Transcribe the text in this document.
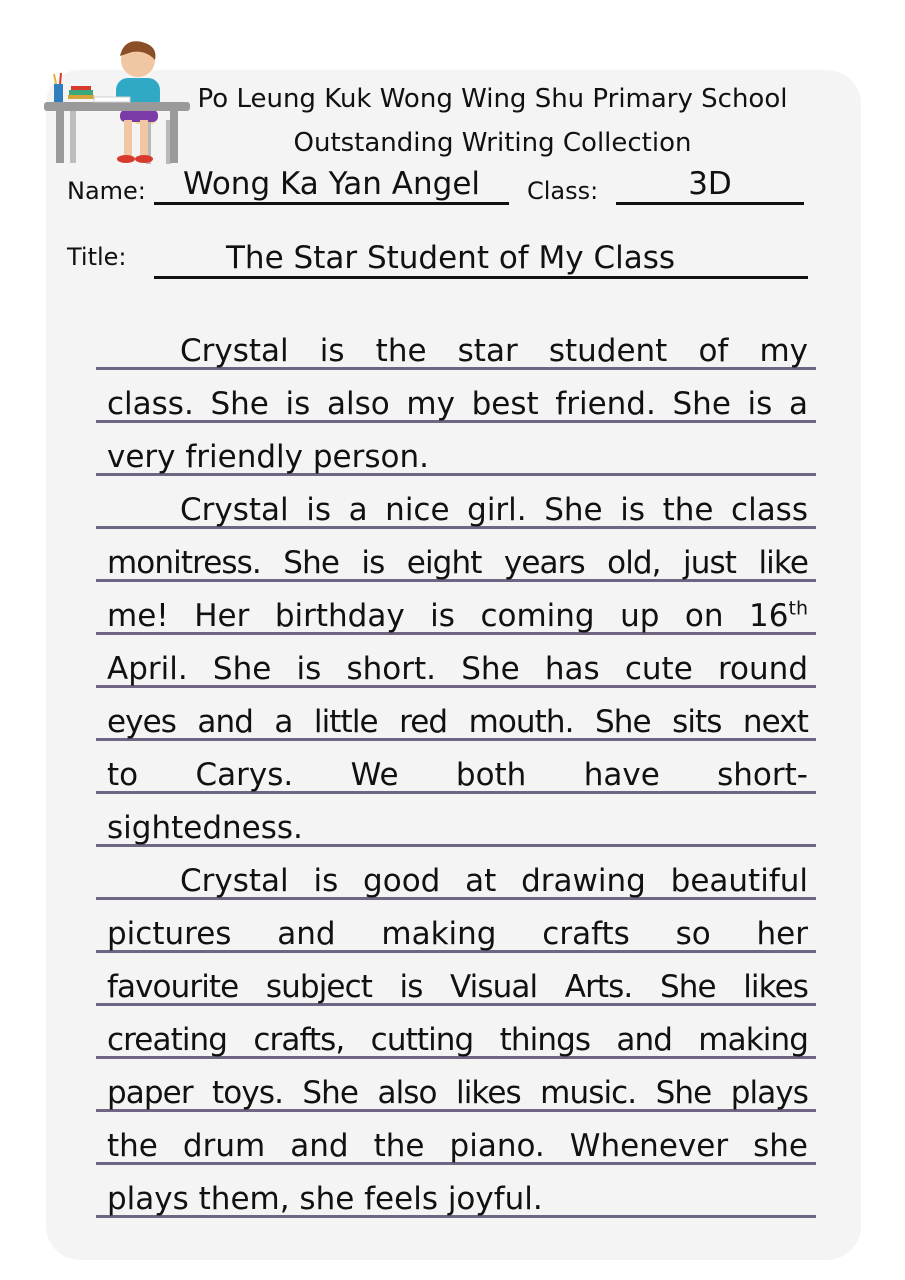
Po Leung Kuk Wong Wing Shu Primary School
Outstanding Writing Collection
Name:	Wong Ka Yan Angel	Class:	3D
Title:	The Star Student of My Class
Crystal is the star student of my
class. She is also my best friend. She is a
very friendly person.
Crystal is a nice girl. She is the class
monitress. She is eight years old, just like
me! Her birthday is coming up on 16th
April. She is short. She has cute round
eyes and a little red mouth. She sits next
to Carys. We both have short-
sightedness.
Crystal is good at drawing beautiful
pictures and making crafts so her
favourite subject is Visual Arts. She likes
creating crafts, cutting things and making
paper toys. She also likes music. She plays
the drum and the piano. Whenever she
plays them, she feels joyful.
